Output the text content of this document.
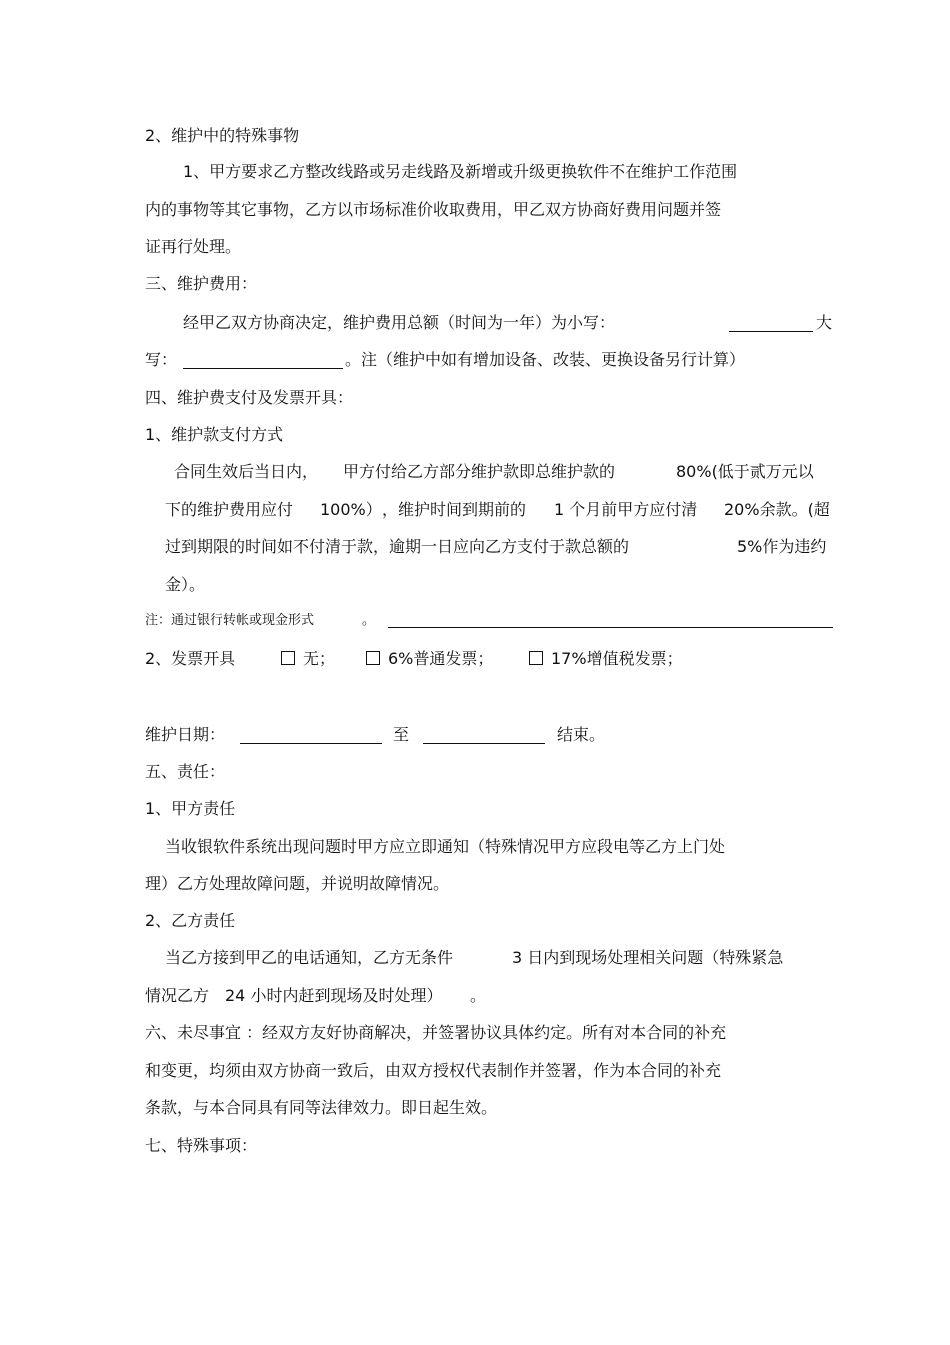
2、维护中的特殊事物
1、甲方要求乙方整改线路或另走线路及新增或升级更换软件不在维护工作范围
内的事物等其它事物，乙方以市场标准价收取费用，甲乙双方协商好费用问题并签
证再行处理。
三、维护费用：
经甲乙双方协商决定，维护费用总额（时间为一年）为小写：	大
写：	。注（维护中如有增加设备、改装、更换设备另行计算）
四、维护费支付及发票开具：
1、维护款支付方式
合同生效后当日内， 甲方付给乙方部分维护款即总维护款的	80%(低于贰万元以
下的维护费用应付 100%） ，维护时间到期前的 1 个月前甲方应付清 20%余款。(超
过到期限的时间如不付清于款，逾期一日应向乙方支付于款总额的	5%作为违约
金）。
注：通过银行转帐或现金形式	。
2、发票开具	无；	6%普通发票；	17%增值税发票；
维护日期：	至	结束。
五、责任：
1、甲方责任
当收银软件系统出现问题时甲方应立即通知（特殊情况甲方应段电等乙方上门处
理）乙方处理故障问题，并说明故障情况。
2、乙方责任
当乙方接到甲乙的电话通知，乙方无条件	3 日内到现场处理相关问题（特殊紧急
情况乙方 24 小时内赶到现场及时处理） 。
六、未尽事宜 ：经双方友好协商解决，并签署协议具体约定。所有对本合同的补充
和变更，均须由双方协商一致后，由双方授权代表制作并签署，作为本合同的补充
条款，与本合同具有同等法律效力。即日起生效。
七、特殊事项：
